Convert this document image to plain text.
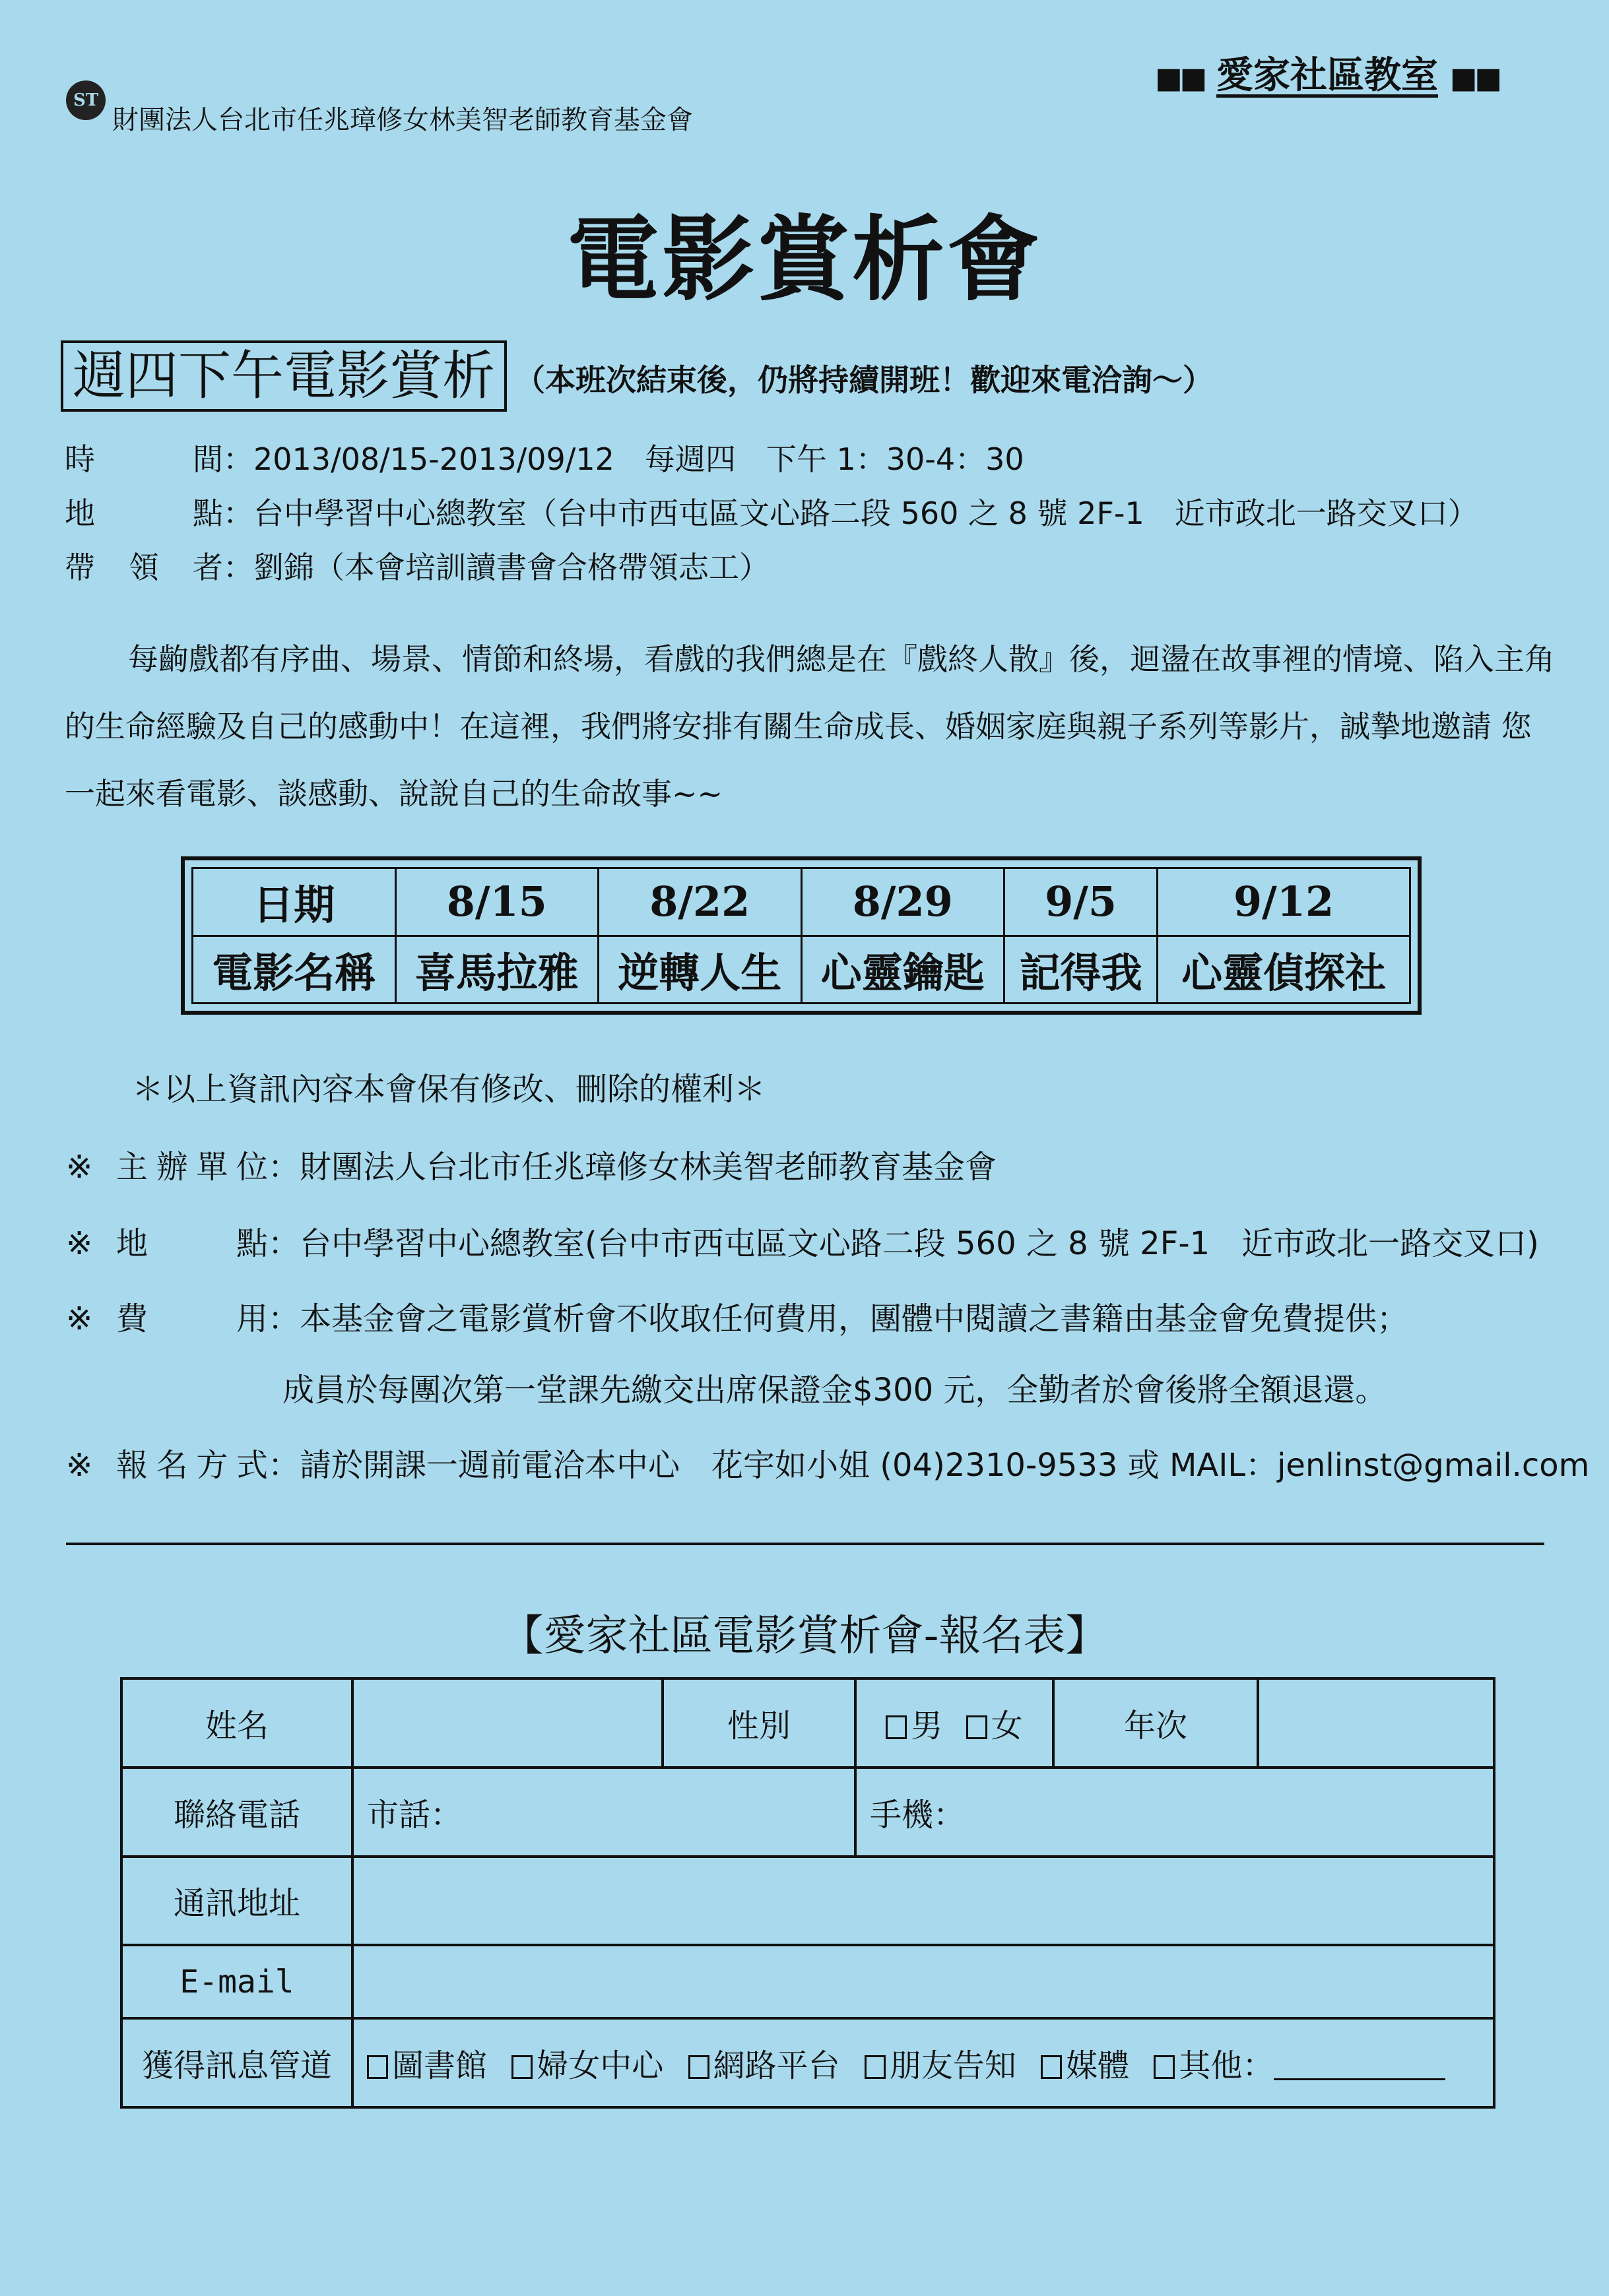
ST
財團法人台北市任兆璋修女林美智老師教育基金會
■■ 愛家社區教室 ■■
電影賞析會
週四下午電影賞析 （本班次結束後，仍將持續開班！歡迎來電洽詢～）
時間：2013/08/15-2013/09/12　每週四　下午 1：30-4：30
地點：台中學習中心總教室（台中市西屯區文心路二段 560 之 8 號 2F-1　近市政北一路交叉口）
帶領者：劉錦（本會培訓讀書會合格帶領志工）
每齣戲都有序曲、場景、情節和終場，看戲的我們總是在『戲終人散』後，迴盪在故事裡的情境、陷入主角的生命經驗及自己的感動中！在這裡，我們將安排有關生命成長、婚姻家庭與親子系列等影片，誠摯地邀請 您一起來看電影、談感動、說說自己的生命故事~~
日期	8/15	8/22	8/29	9/5	9/12
電影名稱	喜馬拉雅	逆轉人生	心靈鑰匙	記得我	心靈偵探社
＊以上資訊內容本會保有修改、刪除的權利＊
※ 主辦單位：財團法人台北市任兆璋修女林美智老師教育基金會
※ 地點：台中學習中心總教室(台中市西屯區文心路二段 560 之 8 號 2F-1　近市政北一路交叉口)
※ 費用：本基金會之電影賞析會不收取任何費用，團體中閱讀之書籍由基金會免費提供；
成員於每團次第一堂課先繳交出席保證金$300 元，全勤者於會後將全額退還。
※ 報名方式：請於開課一週前電洽本中心　花宇如小姐 (04)2310-9533 或 MAIL：jenlinst@gmail.com
【愛家社區電影賞析會-報名表】
姓名		性別	男 女	年次	
聯絡電話	市話：		手機：		
通訊地址					
E-mail					
獲得訊息管道	圖書館 婦女中心 網路平台 朋友告知 媒體 其他：				
